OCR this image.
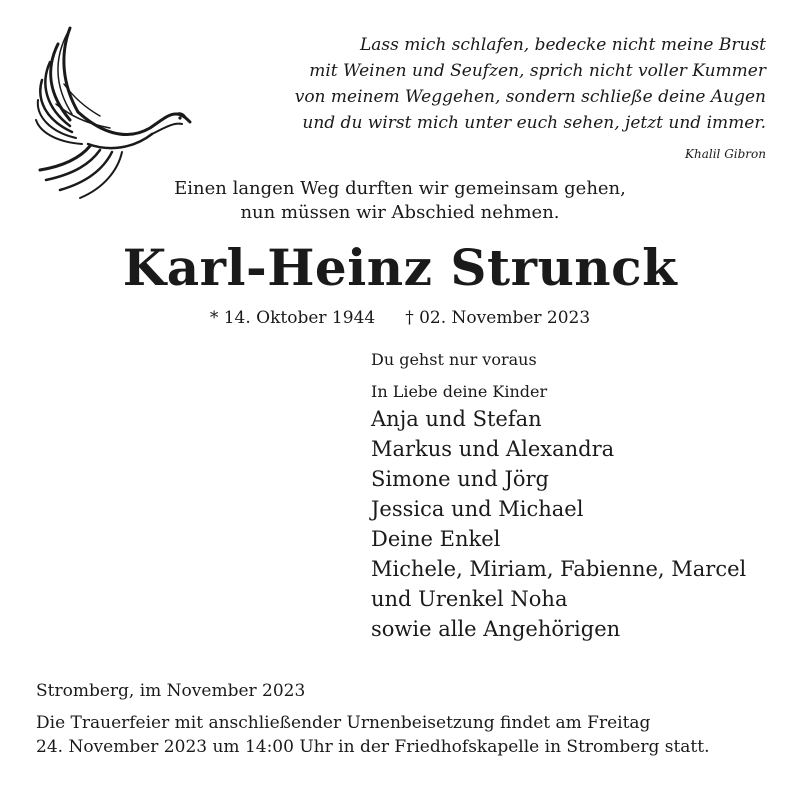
Lass mich schlafen, bedecke nicht meine Brust
mit Weinen und Seufzen, sprich nicht voller Kummer
von meinem Weggehen, sondern schließe deine Augen
und du wirst mich unter euch sehen, jetzt und immer.
Khalil Gibron
Einen langen Weg durften wir gemeinsam gehen,
nun müssen wir Abschied nehmen.
Karl-Heinz Strunck
* 14. Oktober 1944 † 02. November 2023
Du gehst nur voraus
In Liebe deine Kinder
Anja und Stefan
Markus und Alexandra
Simone und Jörg
Jessica und Michael
Deine Enkel
Michele, Miriam, Fabienne, Marcel
und Urenkel Noha
sowie alle Angehörigen
Stromberg, im November 2023
Die Trauerfeier mit anschließender Urnenbeisetzung findet am Freitag
24. November 2023 um 14:00 Uhr in der Friedhofskapelle in Stromberg statt.
